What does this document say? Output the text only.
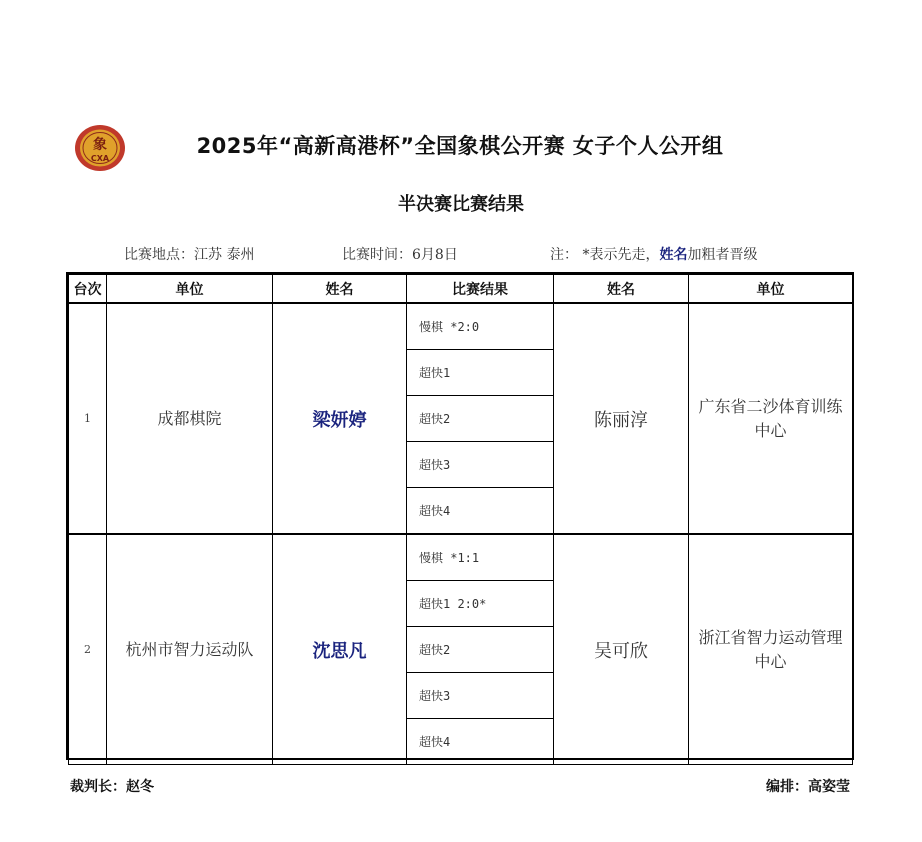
象
CXA
2025年“高新高港杯”全国象棋公开赛 女子个人公开组
半决赛比赛结果
比赛地点：江苏 泰州	比赛时间：6月8日	注： *表示先走，姓名加粗者晋级
台次	单位	姓名	比赛结果	姓名	单位
1	成都棋院	梁妍婷	慢棋 *2:0	陈丽淳	广东省二沙体育训练中心
			超快1		
			超快2		
			超快3		
			超快4		
2	杭州市智力运动队	沈思凡	慢棋 *1:1	吴可欣	浙江省智力运动管理中心
			超快1 2:0*		
			超快2		
			超快3		
			超快4		
裁判长：赵冬	编排：高姿莹
